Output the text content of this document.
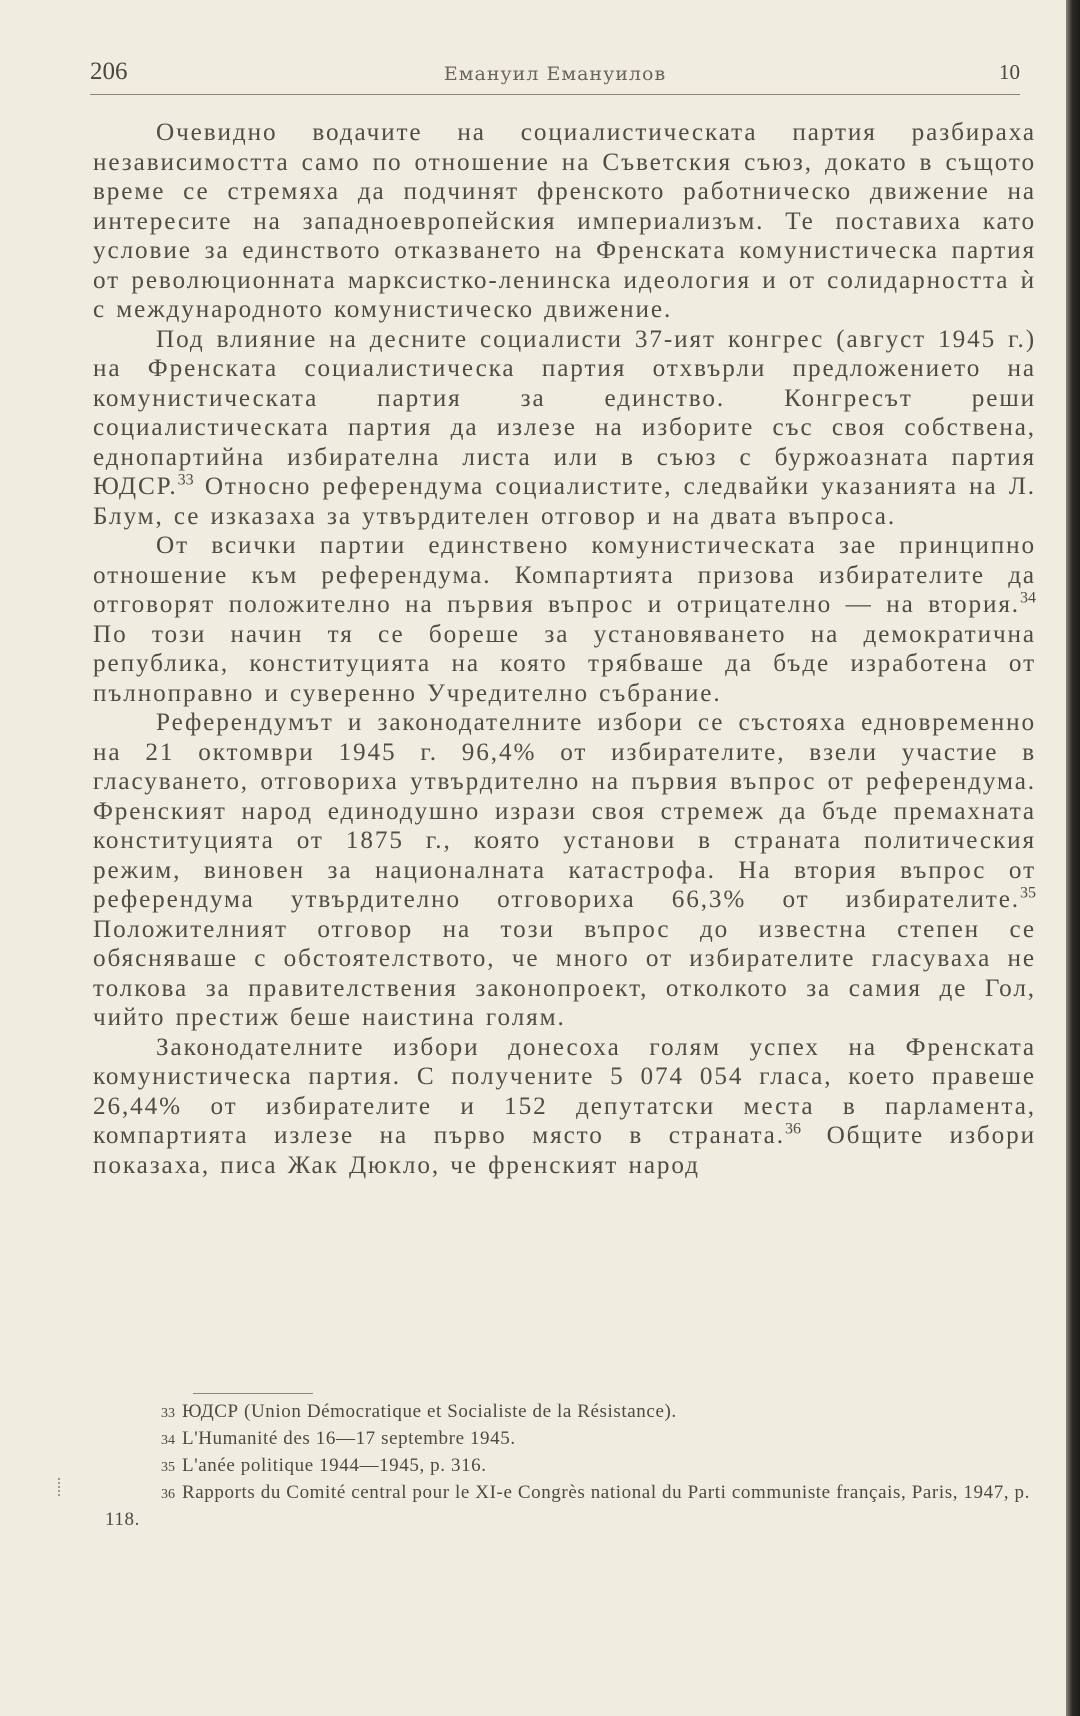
206	Емануил Емануилов	10

Очевидно водачите на социалистическата партия разбираха независимостта само по отношение на Съветския съюз, докато в същото време се стремяха да подчинят френското работническо движение на интересите на западноевропейския империализъм. Те поставиха като условие за единството отказването на Френската комунистическа партия от революционната марксистко-ленинска идеология и от солидарността ѝ с международното комунистическо движение.

Под влияние на десните социалисти 37-ият конгрес (август 1945 г.) на Френската социалистическа партия отхвърли предложението на комунистическата партия за единство. Конгресът реши социалистическата партия да излезе на изборите със своя собствена, еднопартийна избирателна листа или в съюз с буржоазната партия ЮДСР.$^{33}$ Относно референдума социалистите, следвайки указанията на Л. Блум, се изказаха за утвърдителен отговор и на двата въпроса.

От всички партии единствено комунистическата зае принципно отношение към референдума. Компартията призова избирателите да отговорят положително на първия въпрос и отрицателно — на втория.$^{34}$ По този начин тя се бореше за установяването на демократична република, конституцията на която трябваше да бъде изработена от пълноправно и суверенно Учредително събрание.

Референдумът и законодателните избори се състояха едновременно на 21 октомври 1945 г. 96,4% от избирателите, взели участие в гласуването, отговориха утвърдително на първия въпрос от референдума. Френският народ единодушно изрази своя стремеж да бъде премахната конституцията от 1875 г., която установи в страната политическия режим, виновен за националната катастрофа. На втория въпрос от референдума утвърдително отговориха 66,3% от избирателите.$^{35}$ Положителният отговор на този въпрос до известна степен се обясняваше с обстоятелството, че много от избирателите гласуваха не толкова за правителствения законопроект, отколкото за самия де Гол, чийто престиж беше наистина голям.

Законодателните избори донесоха голям успех на Френската комунистическа партия. С получените 5 074 054 гласа, което правеше 26,44% от избирателите и 152 депутатски места в парламента, компартията излезе на първо място в страната.$^{36}$ Общите избори показаха, писа Жак Дюкло, че френският народ

33 ЮДСР (Union Démocratique et Socialiste de la Résistance).

34 L'Humanité des 16—17 septembre 1945.

35 L'anée politique 1944—1945, p. 316.

36 Rapports du Comité central pour le XI-e Congrès national du Parti communiste français, Paris, 1947, p. 118.
